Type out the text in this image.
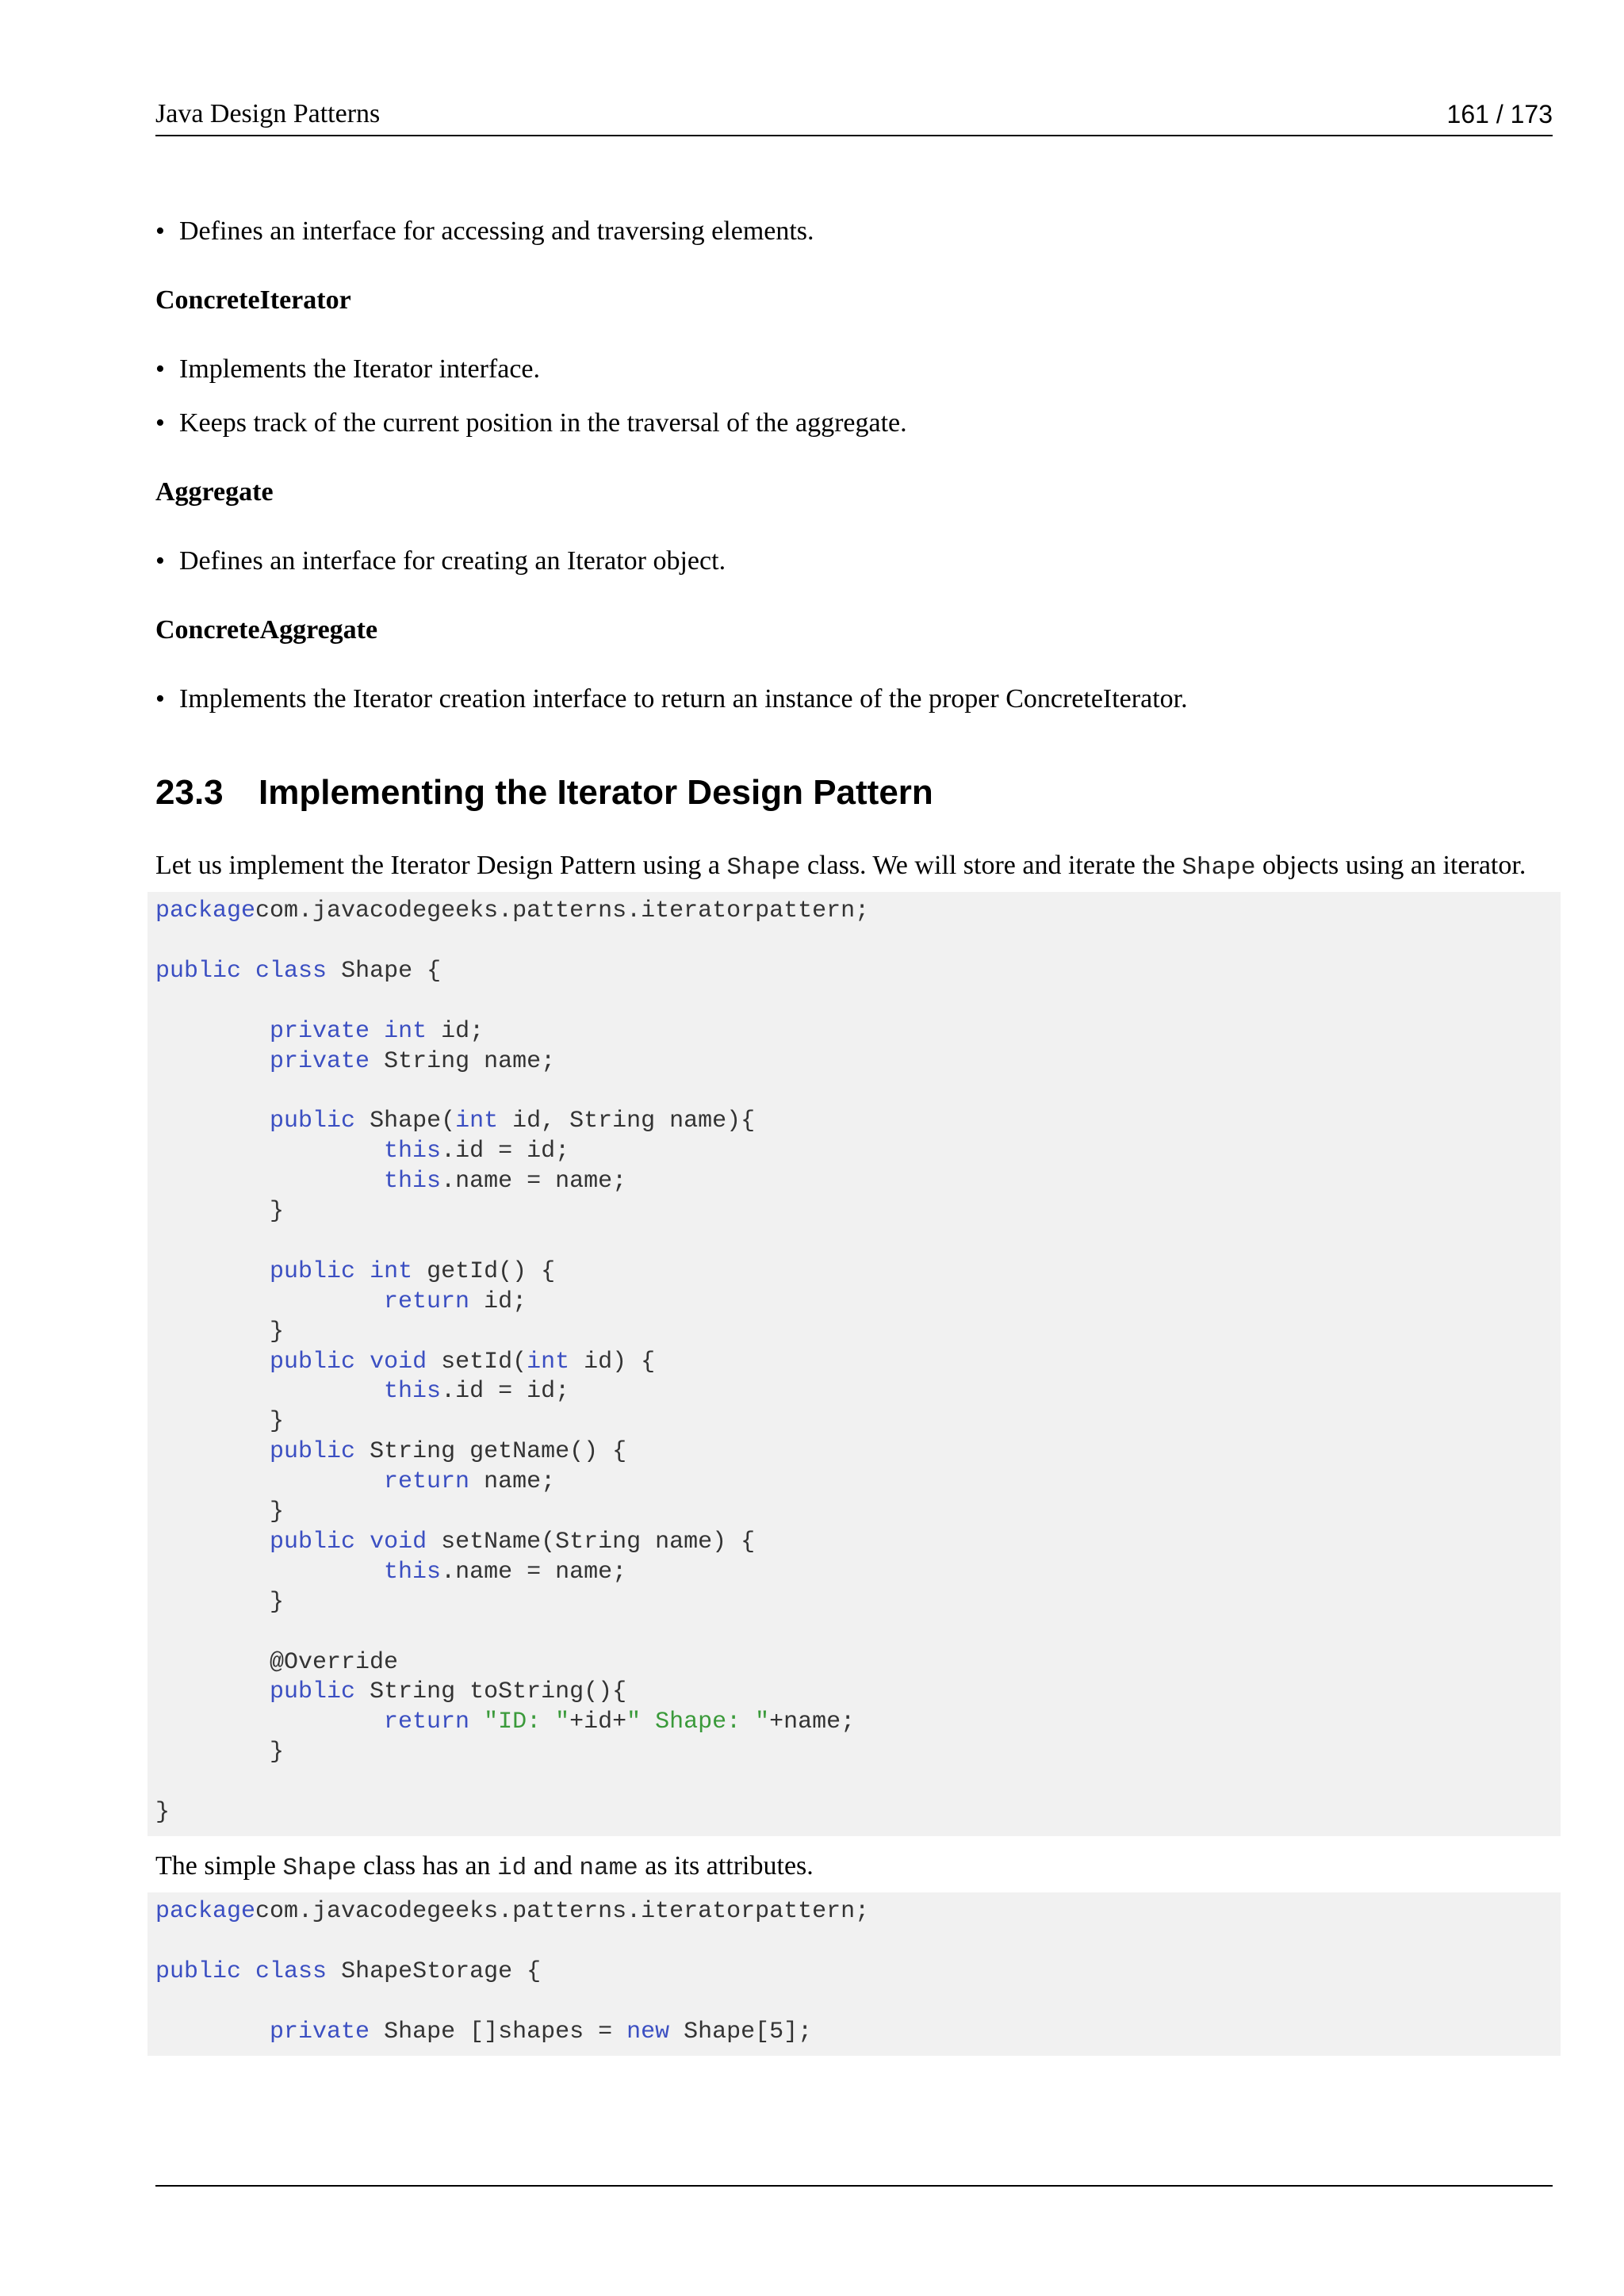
Java Design Patterns	161 / 173

• Defines an interface for accessing and traversing elements.

ConcreteIterator

• Implements the Iterator interface.

• Keeps track of the current position in the traversal of the aggregate.

Aggregate

• Defines an interface for creating an Iterator object.

ConcreteAggregate

• Implements the Iterator creation interface to return an instance of the proper ConcreteIterator.

23.3 Implementing the Iterator Design Pattern

Let us implement the Iterator Design Pattern using a Shape class. We will store and iterate the Shape objects using an iterator.

packagecom.javacodegeeks.patterns.iteratorpattern;
public class Shape {
private int id;
private String name;
public Shape(int id, String name){
this.id = id;
this.name = name;
}
public int getId() {
return id;
}
public void setId(int id) {
this.id = id;
}
public String getName() {
return name;
}
public void setName(String name) {
this.name = name;
}
@Override
public String toString(){
return "ID: "+id+" Shape: "+name;
}
}

The simple Shape class has an id and name as its attributes.

packagecom.javacodegeeks.patterns.iteratorpattern;
public class ShapeStorage {
private Shape []shapes = new Shape[5];
